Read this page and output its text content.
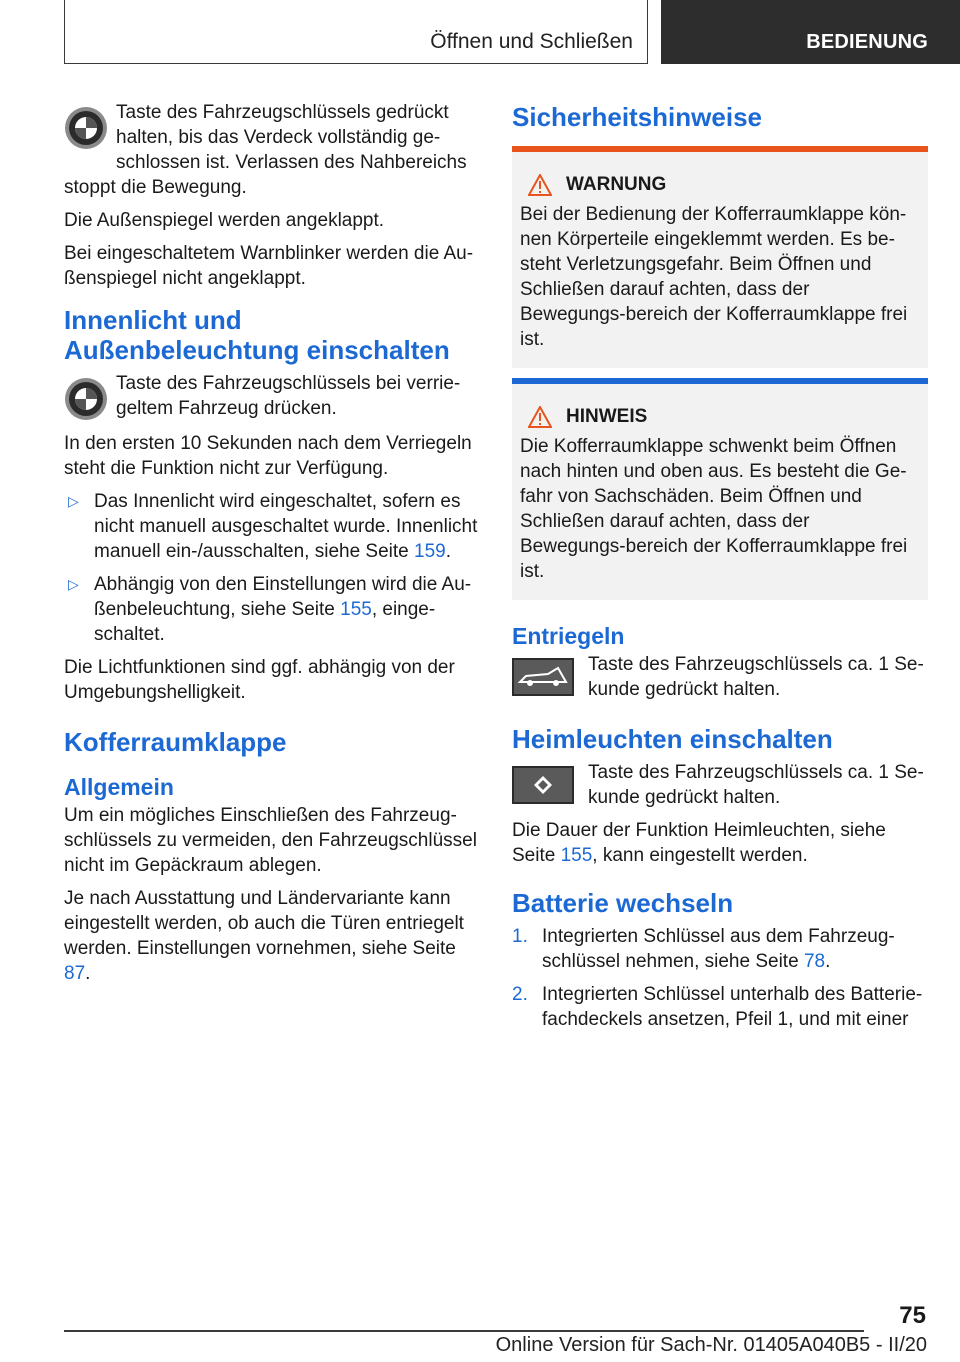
Öffnen und Schließen	BEDIENUNG

Taste des Fahrzeugschlüssels gedrückt halten, bis das Verdeck vollständig ge-schlossen ist. Verlassen des Nahbereichs stoppt die Bewegung.

Die Außenspiegel werden angeklappt.

Bei eingeschaltetem Warnblinker werden die Au-ßenspiegel nicht angeklappt.

Innenlicht und Außenbeleuchtung einschalten

Taste des Fahrzeugschlüssels bei verrie-geltem Fahrzeug drücken.

In den ersten 10 Sekunden nach dem Verriegeln steht die Funktion nicht zur Verfügung.

▷ Das Innenlicht wird eingeschaltet, sofern es nicht manuell ausgeschaltet wurde. Innenlicht manuell ein-/ausschalten, siehe Seite 159.
▷ Abhängig von den Einstellungen wird die Au-ßenbeleuchtung, siehe Seite 155, einge-schaltet.

Die Lichtfunktionen sind ggf. abhängig von der Umgebungshelligkeit.

Kofferraumklappe
Allgemein

Um ein mögliches Einschließen des Fahrzeug-schlüssels zu vermeiden, den Fahrzeugschlüssel nicht im Gepäckraum ablegen.

Je nach Ausstattung und Ländervariante kann eingestellt werden, ob auch die Türen entriegelt werden. Einstellungen vornehmen, siehe Seite 87.

Sicherheitshinweise
WARNUNG

Bei der Bedienung der Kofferraumklappe kön-nen Körperteile eingeklemmt werden. Es be-steht Verletzungsgefahr. Beim Öffnen und Schließen darauf achten, dass der Bewegungs-bereich der Kofferraumklappe frei ist.

HINWEIS

Die Kofferraumklappe schwenkt beim Öffnen nach hinten und oben aus. Es besteht die Ge-fahr von Sachschäden. Beim Öffnen und Schließen darauf achten, dass der Bewegungs-bereich der Kofferraumklappe frei ist.

Entriegeln

Taste des Fahrzeugschlüssels ca. 1 Se-kunde gedrückt halten.

Heimleuchten einschalten

Taste des Fahrzeugschlüssels ca. 1 Se-kunde gedrückt halten.

Die Dauer der Funktion Heimleuchten, siehe Seite 155, kann eingestellt werden.

Batterie wechseln
1. Integrierten Schlüssel aus dem Fahrzeug-schlüssel nehmen, siehe Seite 78.
2. Integrierten Schlüssel unterhalb des Batterie-fachdeckels ansetzen, Pfeil 1, und mit einer
75
Online Version für Sach-Nr. 01405A040B5 - II/20
